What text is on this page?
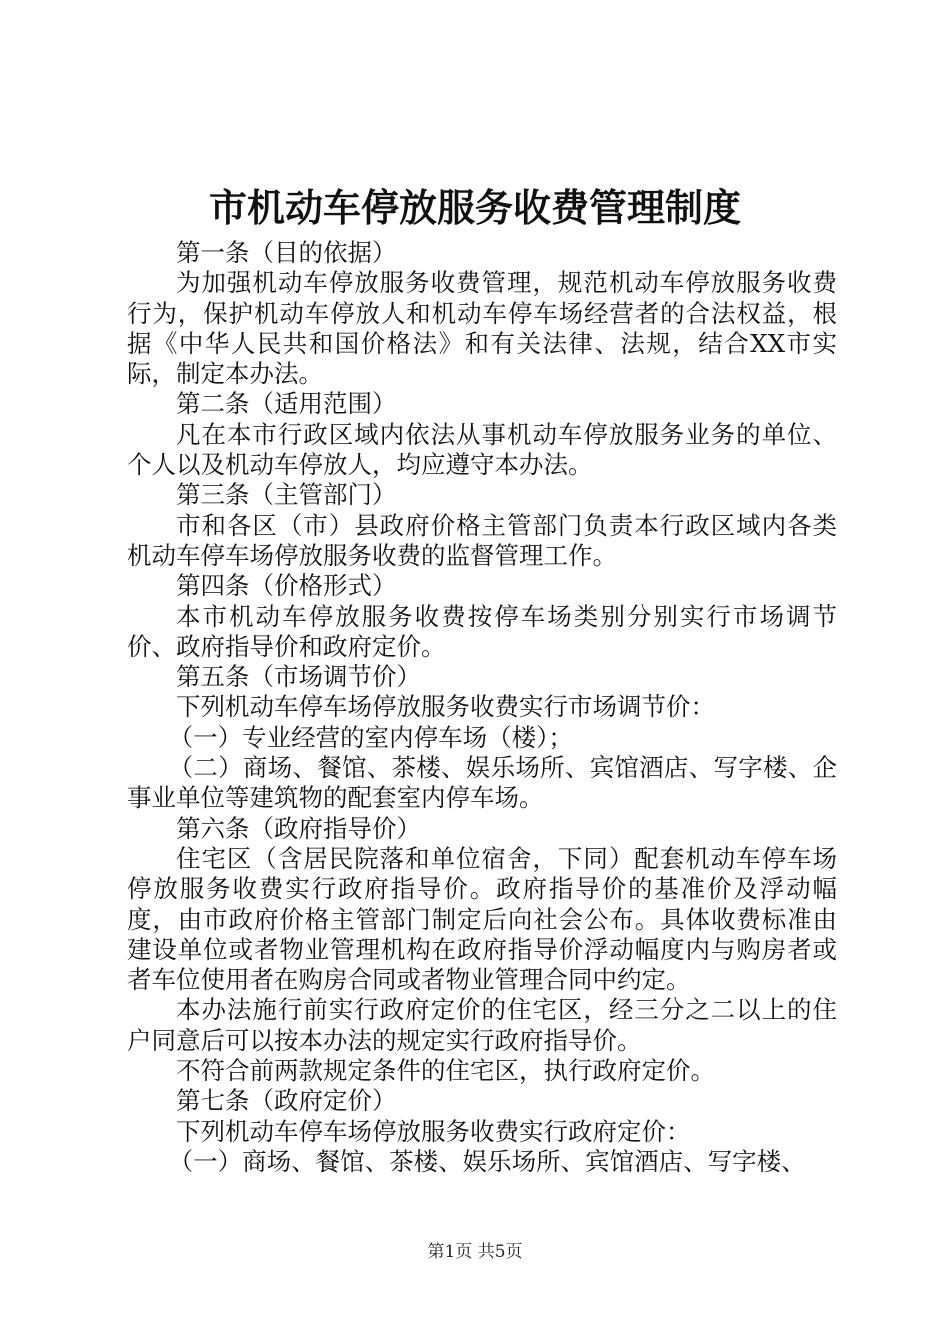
市机动车停放服务收费管理制度

第一条（目的依据）

为加强机动车停放服务收费管理，规范机动车停放服务收费行为，保护机动车停放人和机动车停车场经营者的合法权益，根据《中华人民共和国价格法》和有关法律、法规，结合XX市实际，制定本办法。

第二条（适用范围）

凡在本市行政区域内依法从事机动车停放服务业务的单位、个人以及机动车停放人，均应遵守本办法。

第三条（主管部门）

市和各区（市）县政府价格主管部门负责本行政区域内各类机动车停车场停放服务收费的监督管理工作。

第四条（价格形式）

本市机动车停放服务收费按停车场类别分别实行市场调节价、政府指导价和政府定价。

第五条（市场调节价）

下列机动车停车场停放服务收费实行市场调节价：

（一）专业经营的室内停车场（楼）；

（二）商场、餐馆、茶楼、娱乐场所、宾馆酒店、写字楼、企事业单位等建筑物的配套室内停车场。

第六条（政府指导价）

住宅区（含居民院落和单位宿舍，下同）配套机动车停车场停放服务收费实行政府指导价。政府指导价的基准价及浮动幅度，由市政府价格主管部门制定后向社会公布。具体收费标准由建设单位或者物业管理机构在政府指导价浮动幅度内与购房者或者车位使用者在购房合同或者物业管理合同中约定。

本办法施行前实行政府定价的住宅区，经三分之二以上的住户同意后可以按本办法的规定实行政府指导价。

不符合前两款规定条件的住宅区，执行政府定价。

第七条（政府定价）

下列机动车停车场停放服务收费实行政府定价：

（一）商场、餐馆、茶楼、娱乐场所、宾馆酒店、写字楼、

第1页 共5页
